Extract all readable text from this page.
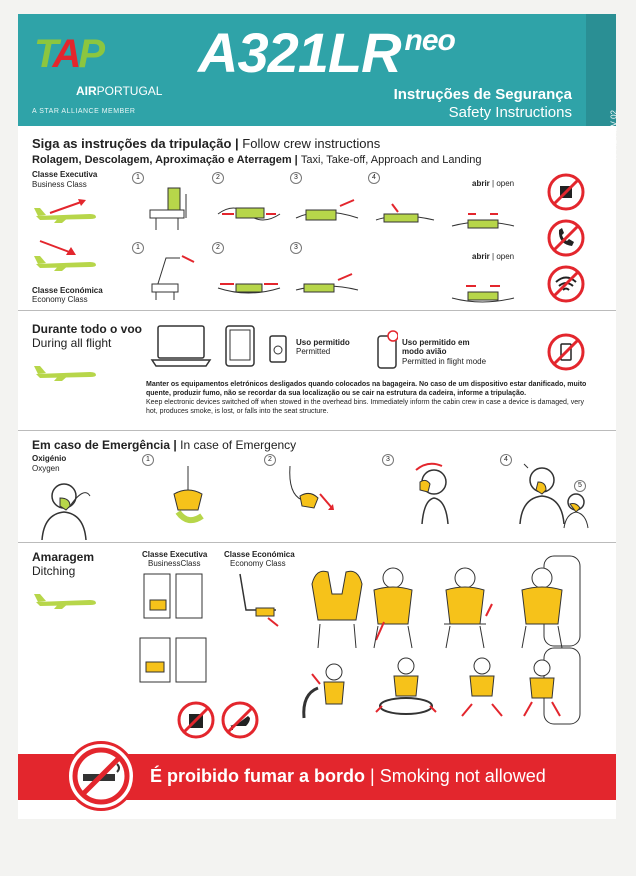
TAP
AIRPORTUGAL
A STAR ALLIANCE MEMBER
A321LR $^{neo}$
Instruções de Segurança
Safety Instructions	Nº.41 REV 02
Siga as instruções da tripulação | Follow crew instructions
Rolagem, Descolagem, Aproximação e Aterragem | Taxi, Take-off, Approach and Landing
Classe Executiva
Business Class
Classe Económica
Economy Class
1	2	3	4
1	2	3
abrir | open
abrir | open
Durante todo o voo
During all flight	Uso permitido
Permitted
Uso permitido em modo avião
Permitted in flight mode
Manter os equipamentos eletrónicos desligados quando colocados na bagageira. No caso de um dispositivo estar danificado, muito quente, produzir fumo, não se recordar da sua localização ou se cair na estrutura da cadeira, informe a tripulação.
Keep electronic devices switched off when stowed in the overhead bins. Immediately inform the cabin crew in case a device is damaged, very hot, produces smoke, is lost, or falls into the seat structure.
Em caso de Emergência | In case of Emergency
Oxigénio
Oxygen
1	2	3	4
5
Amaragem
Ditching
Classe Executiva
BusinessClass
Classe Económica
Economy Class
É proibido fumar a bordo | Smoking not allowed
